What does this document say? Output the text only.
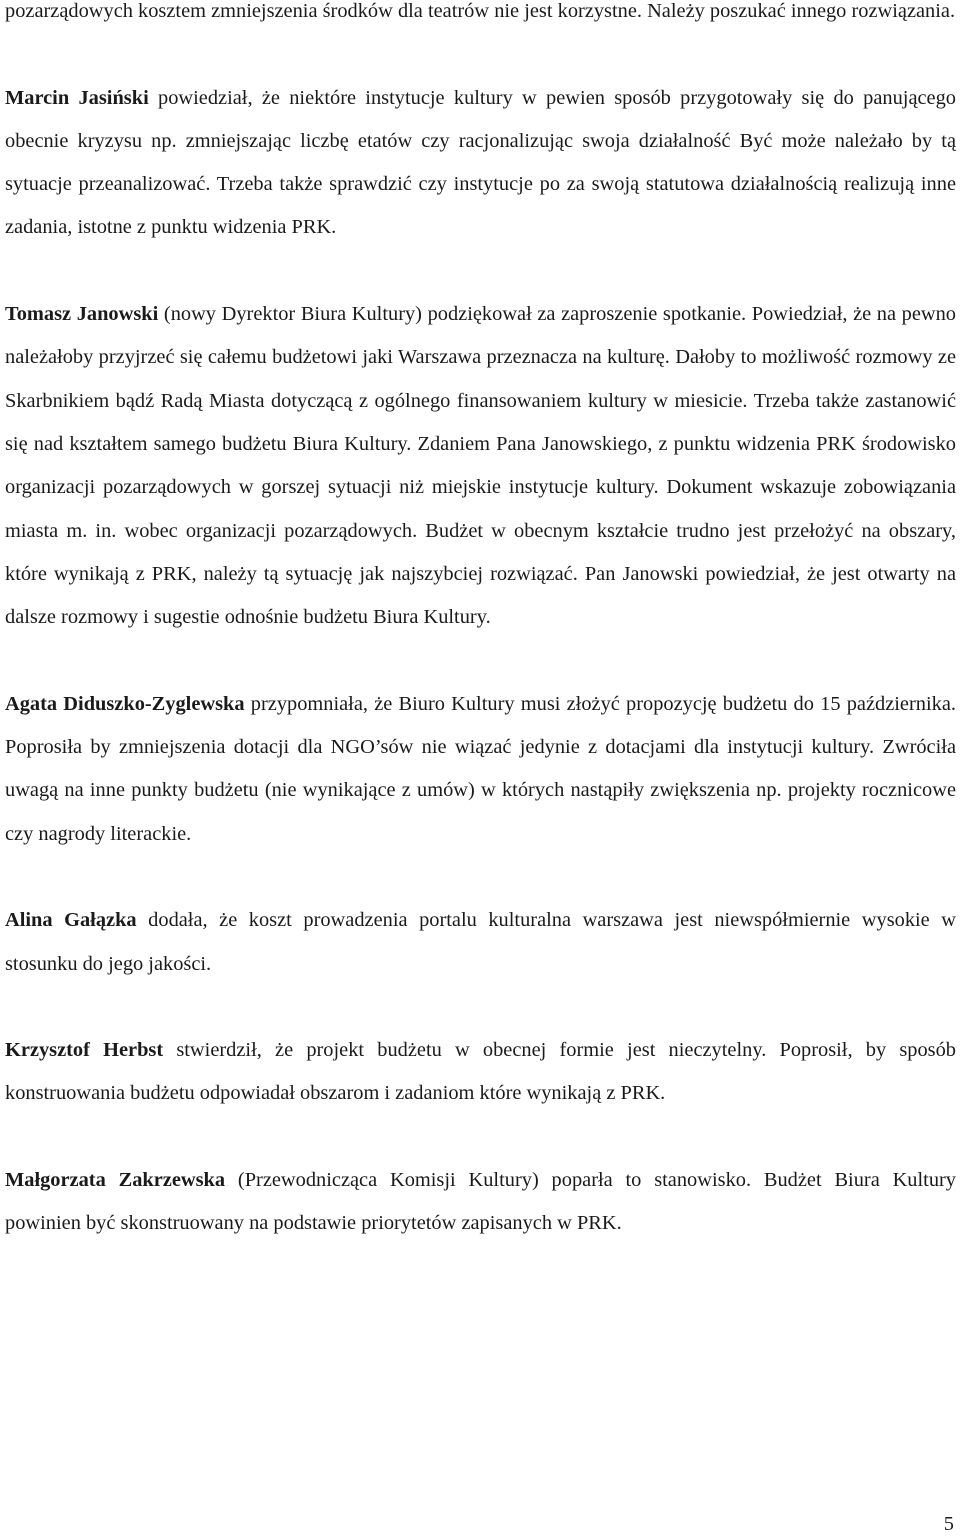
pozarządowych kosztem zmniejszenia środków dla teatrów nie jest korzystne. Należy poszukać innego rozwiązania.

Marcin Jasiński powiedział, że niektóre instytucje kultury w pewien sposób przygotowały się do panującego obecnie kryzysu np. zmniejszając liczbę etatów czy racjonalizując swoja działalność Być może należało by tą sytuacje przeanalizować. Trzeba także sprawdzić czy instytucje po za swoją statutowa działalnością realizują inne zadania, istotne z punktu widzenia PRK.

Tomasz Janowski (nowy Dyrektor Biura Kultury) podziękował za zaproszenie spotkanie. Powiedział, że na pewno należałoby przyjrzeć się całemu budżetowi jaki Warszawa przeznacza na kulturę. Dałoby to możliwość rozmowy ze Skarbnikiem bądź Radą Miasta dotyczącą z ogólnego finansowaniem kultury w miesicie. Trzeba także zastanowić się nad kształtem samego budżetu Biura Kultury. Zdaniem Pana Janowskiego, z punktu widzenia PRK środowisko organizacji pozarządowych w gorszej sytuacji niż miejskie instytucje kultury. Dokument wskazuje zobowiązania miasta m. in. wobec organizacji pozarządowych. Budżet w obecnym kształcie trudno jest przełożyć na obszary, które wynikają z PRK, należy tą sytuację jak najszybciej rozwiązać. Pan Janowski powiedział, że jest otwarty na dalsze rozmowy i sugestie odnośnie budżetu Biura Kultury.

Agata Diduszko-Zyglewska przypomniała, że Biuro Kultury musi złożyć propozycję budżetu do 15 października. Poprosiła by zmniejszenia dotacji dla NGO’sów nie wiązać jedynie z dotacjami dla instytucji kultury. Zwróciła uwagą na inne punkty budżetu (nie wynikające z umów) w których nastąpiły zwiększenia np. projekty rocznicowe czy nagrody literackie.

Alina Gałązka dodała, że koszt prowadzenia portalu kulturalna warszawa jest niewspółmiernie wysokie w stosunku do jego jakości.

Krzysztof Herbst stwierdził, że projekt budżetu w obecnej formie jest nieczytelny. Poprosił, by sposób konstruowania budżetu odpowiadał obszarom i zadaniom które wynikają z PRK.

Małgorzata Zakrzewska (Przewodnicząca Komisji Kultury) poparła to stanowisko. Budżet Biura Kultury powinien być skonstruowany na podstawie priorytetów zapisanych w PRK.

5
